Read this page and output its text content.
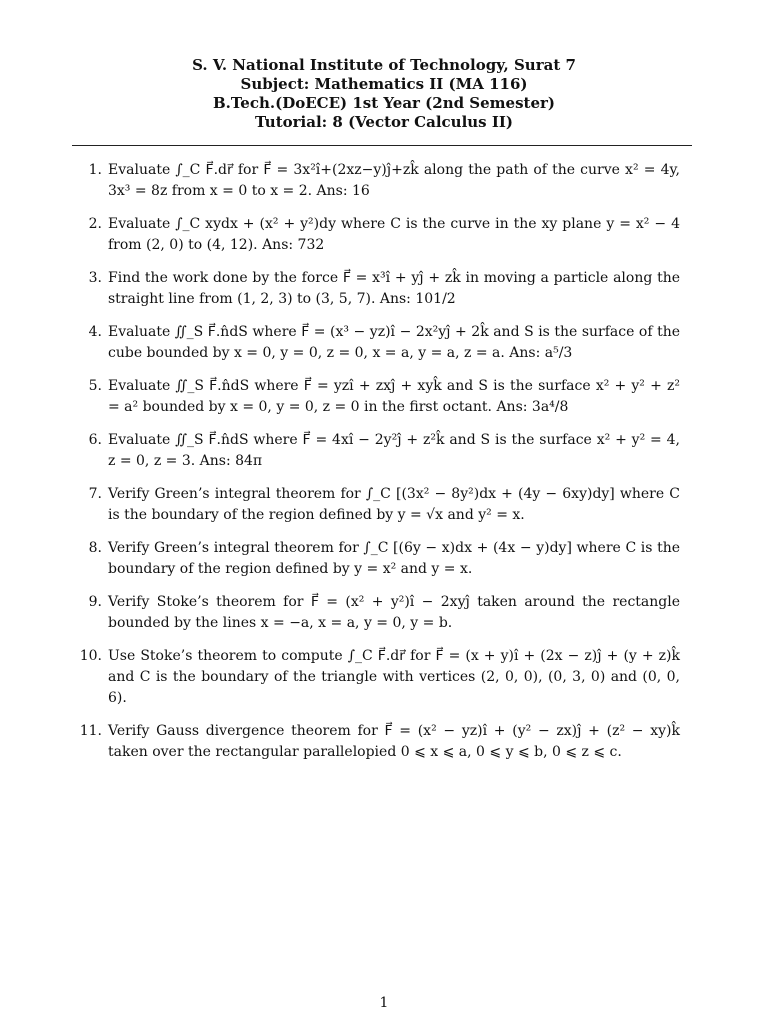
S. V. National Institute of Technology, Surat 7
Subject: Mathematics II (MA 116)
B.Tech.(DoECE) 1st Year (2nd Semester)
Tutorial: 8 (Vector Calculus II)
1. Evaluate ∫_C F⃗.dr⃗ for F⃗ = 3x²î+(2xz−y)ĵ+zk̂ along the path of the curve x² = 4y, 3x³ = 8z from x = 0 to x = 2. Ans: 16
2. Evaluate ∫_C xydx + (x² + y²)dy where C is the curve in the xy plane y = x² − 4 from (2, 0) to (4, 12). Ans: 732
3. Find the work done by the force F⃗ = x³î + yĵ + zk̂ in moving a particle along the straight line from (1, 2, 3) to (3, 5, 7). Ans: 101/2
4. Evaluate ∬_S F⃗.n̂dS where F⃗ = (x³ − yz)î − 2x²yĵ + 2k̂ and S is the surface of the cube bounded by x = 0, y = 0, z = 0, x = a, y = a, z = a. Ans: a⁵/3
5. Evaluate ∬_S F⃗.n̂dS where F⃗ = yzî + zxĵ + xyk̂ and S is the surface x² + y² + z² = a² bounded by x = 0, y = 0, z = 0 in the first octant. Ans: 3a⁴/8
6. Evaluate ∬_S F⃗.n̂dS where F⃗ = 4xî − 2y²ĵ + z²k̂ and S is the surface x² + y² = 4, z = 0, z = 3. Ans: 84π
7. Verify Green’s integral theorem for ∫_C [(3x² − 8y²)dx + (4y − 6xy)dy] where C is the boundary of the region defined by y = √x and y² = x.
8. Verify Green’s integral theorem for ∫_C [(6y − x)dx + (4x − y)dy] where C is the boundary of the region defined by y = x² and y = x.
9. Verify Stoke’s theorem for F⃗ = (x² + y²)î − 2xyĵ taken around the rectangle bounded by the lines x = −a, x = a, y = 0, y = b.
10. Use Stoke’s theorem to compute ∫_C F⃗.dr⃗ for F⃗ = (x + y)î + (2x − z)ĵ + (y + z)k̂ and C is the boundary of the triangle with vertices (2, 0, 0), (0, 3, 0) and (0, 0, 6).
11. Verify Gauss divergence theorem for F⃗ = (x² − yz)î + (y² − zx)ĵ + (z² − xy)k̂ taken over the rectangular parallelopied 0 ⩽ x ⩽ a, 0 ⩽ y ⩽ b, 0 ⩽ z ⩽ c.
1
